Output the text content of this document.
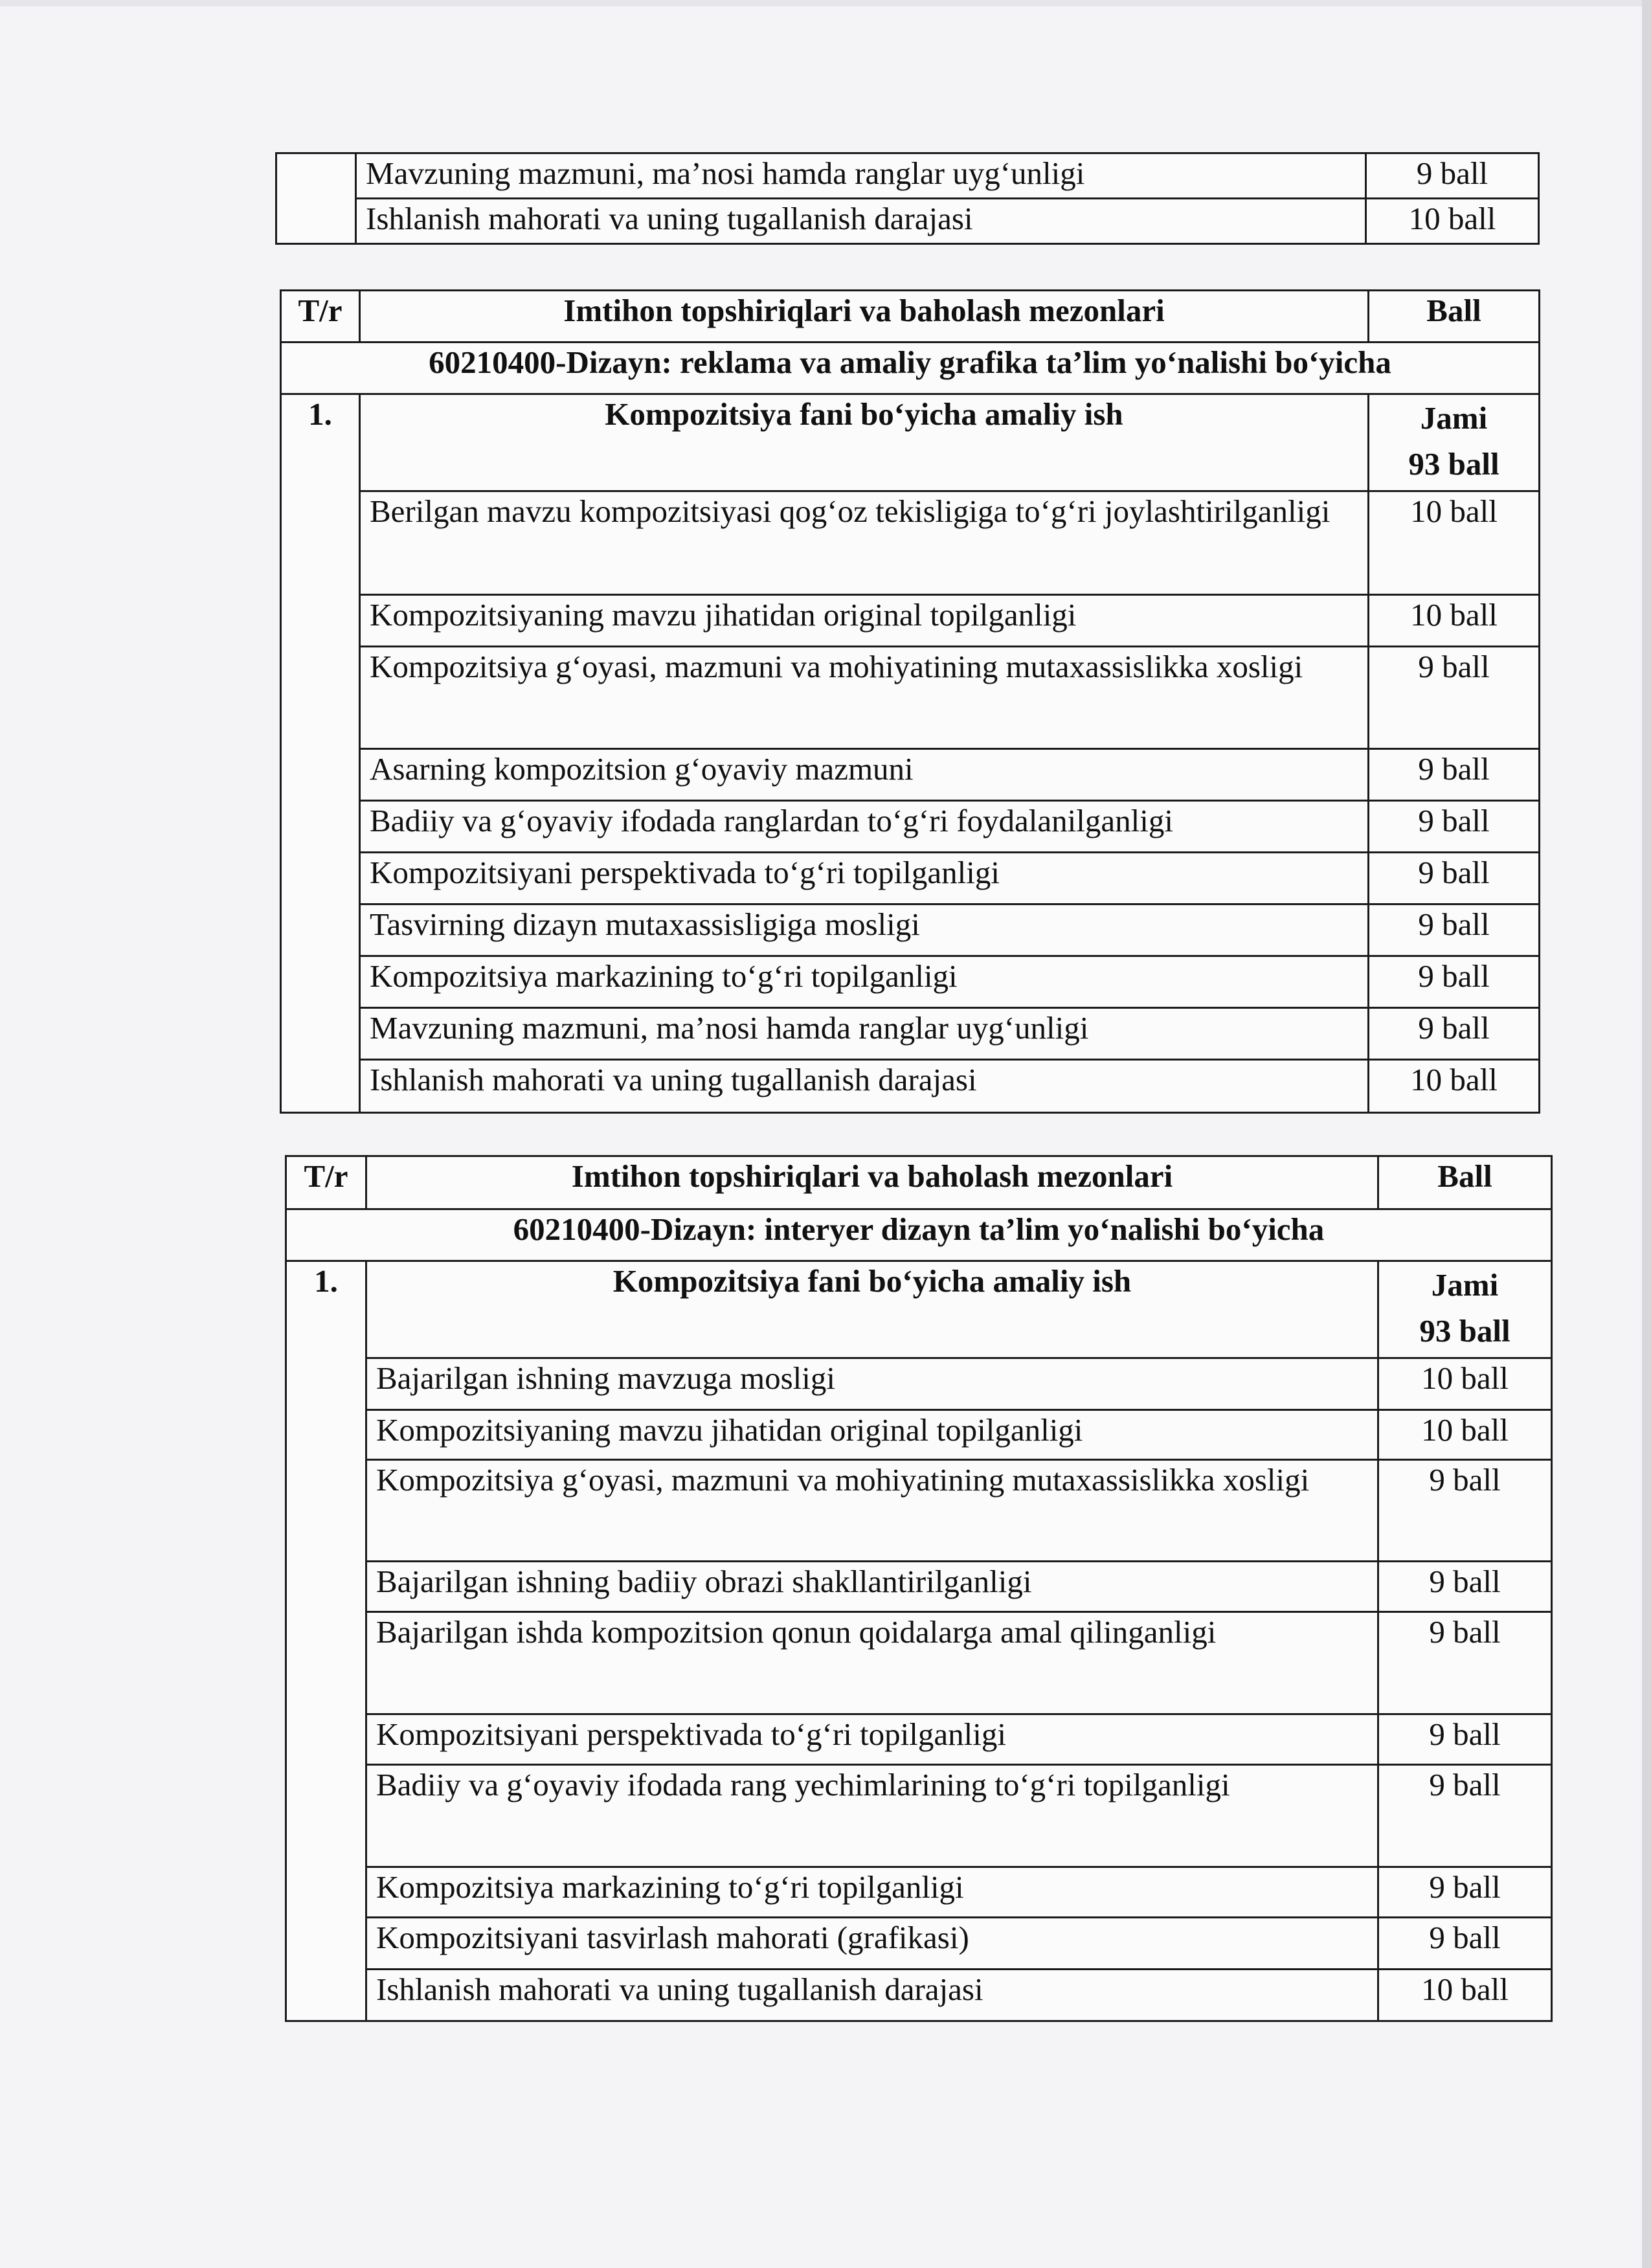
	Mavzuning mazmuni, ma’nosi hamda ranglar uyg‘unligi	9 ball
	Ishlanish mahorati va uning tugallanish darajasi	10 ball
T/r	Imtihon topshiriqlari va baholash mezonlari	Ball
60210400-Dizayn: reklama va amaliy grafika ta’lim yo‘nalishi bo‘yicha		
1.	Kompozitsiya fani bo‘yicha amaliy ish	Jami
93 ball

	Berilgan mavzu kompozitsiyasi qog‘oz tekisligiga to‘g‘ri joylashtirilganligi	10 ball
	Kompozitsiyaning mavzu jihatidan original topilganligi	10 ball
	Kompozitsiya g‘oyasi, mazmuni va mohiyatining mutaxassislikka xosligi	9 ball
	Asarning kompozitsion g‘oyaviy mazmuni	9 ball
	Badiiy va g‘oyaviy ifodada ranglardan to‘g‘ri foydalanilganligi	9 ball
	Kompozitsiyani perspektivada to‘g‘ri topilganligi	9 ball
	Tasvirning dizayn mutaxassisligiga mosligi	9 ball
	Kompozitsiya markazining to‘g‘ri topilganligi	9 ball
	Mavzuning mazmuni, ma’nosi hamda ranglar uyg‘unligi	9 ball
	Ishlanish mahorati va uning tugallanish darajasi	10 ball
T/r	Imtihon topshiriqlari va baholash mezonlari	Ball
60210400-Dizayn: interyer dizayn ta’lim yo‘nalishi bo‘yicha		
1.	Kompozitsiya fani bo‘yicha amaliy ish	Jami
93 ball

	Bajarilgan ishning mavzuga mosligi	10 ball
	Kompozitsiyaning mavzu jihatidan original topilganligi	10 ball
	Kompozitsiya g‘oyasi, mazmuni va mohiyatining mutaxassislikka xosligi	9 ball
	Bajarilgan ishning badiiy obrazi shakllantirilganligi	9 ball
	Bajarilgan ishda kompozitsion qonun qoidalarga amal qilinganligi	9 ball
	Kompozitsiyani perspektivada to‘g‘ri topilganligi	9 ball
	Badiiy va g‘oyaviy ifodada rang yechimlarining to‘g‘ri topilganligi	9 ball
	Kompozitsiya markazining to‘g‘ri topilganligi	9 ball
	Kompozitsiyani tasvirlash mahorati (grafikasi)	9 ball
	Ishlanish mahorati va uning tugallanish darajasi	10 ball
